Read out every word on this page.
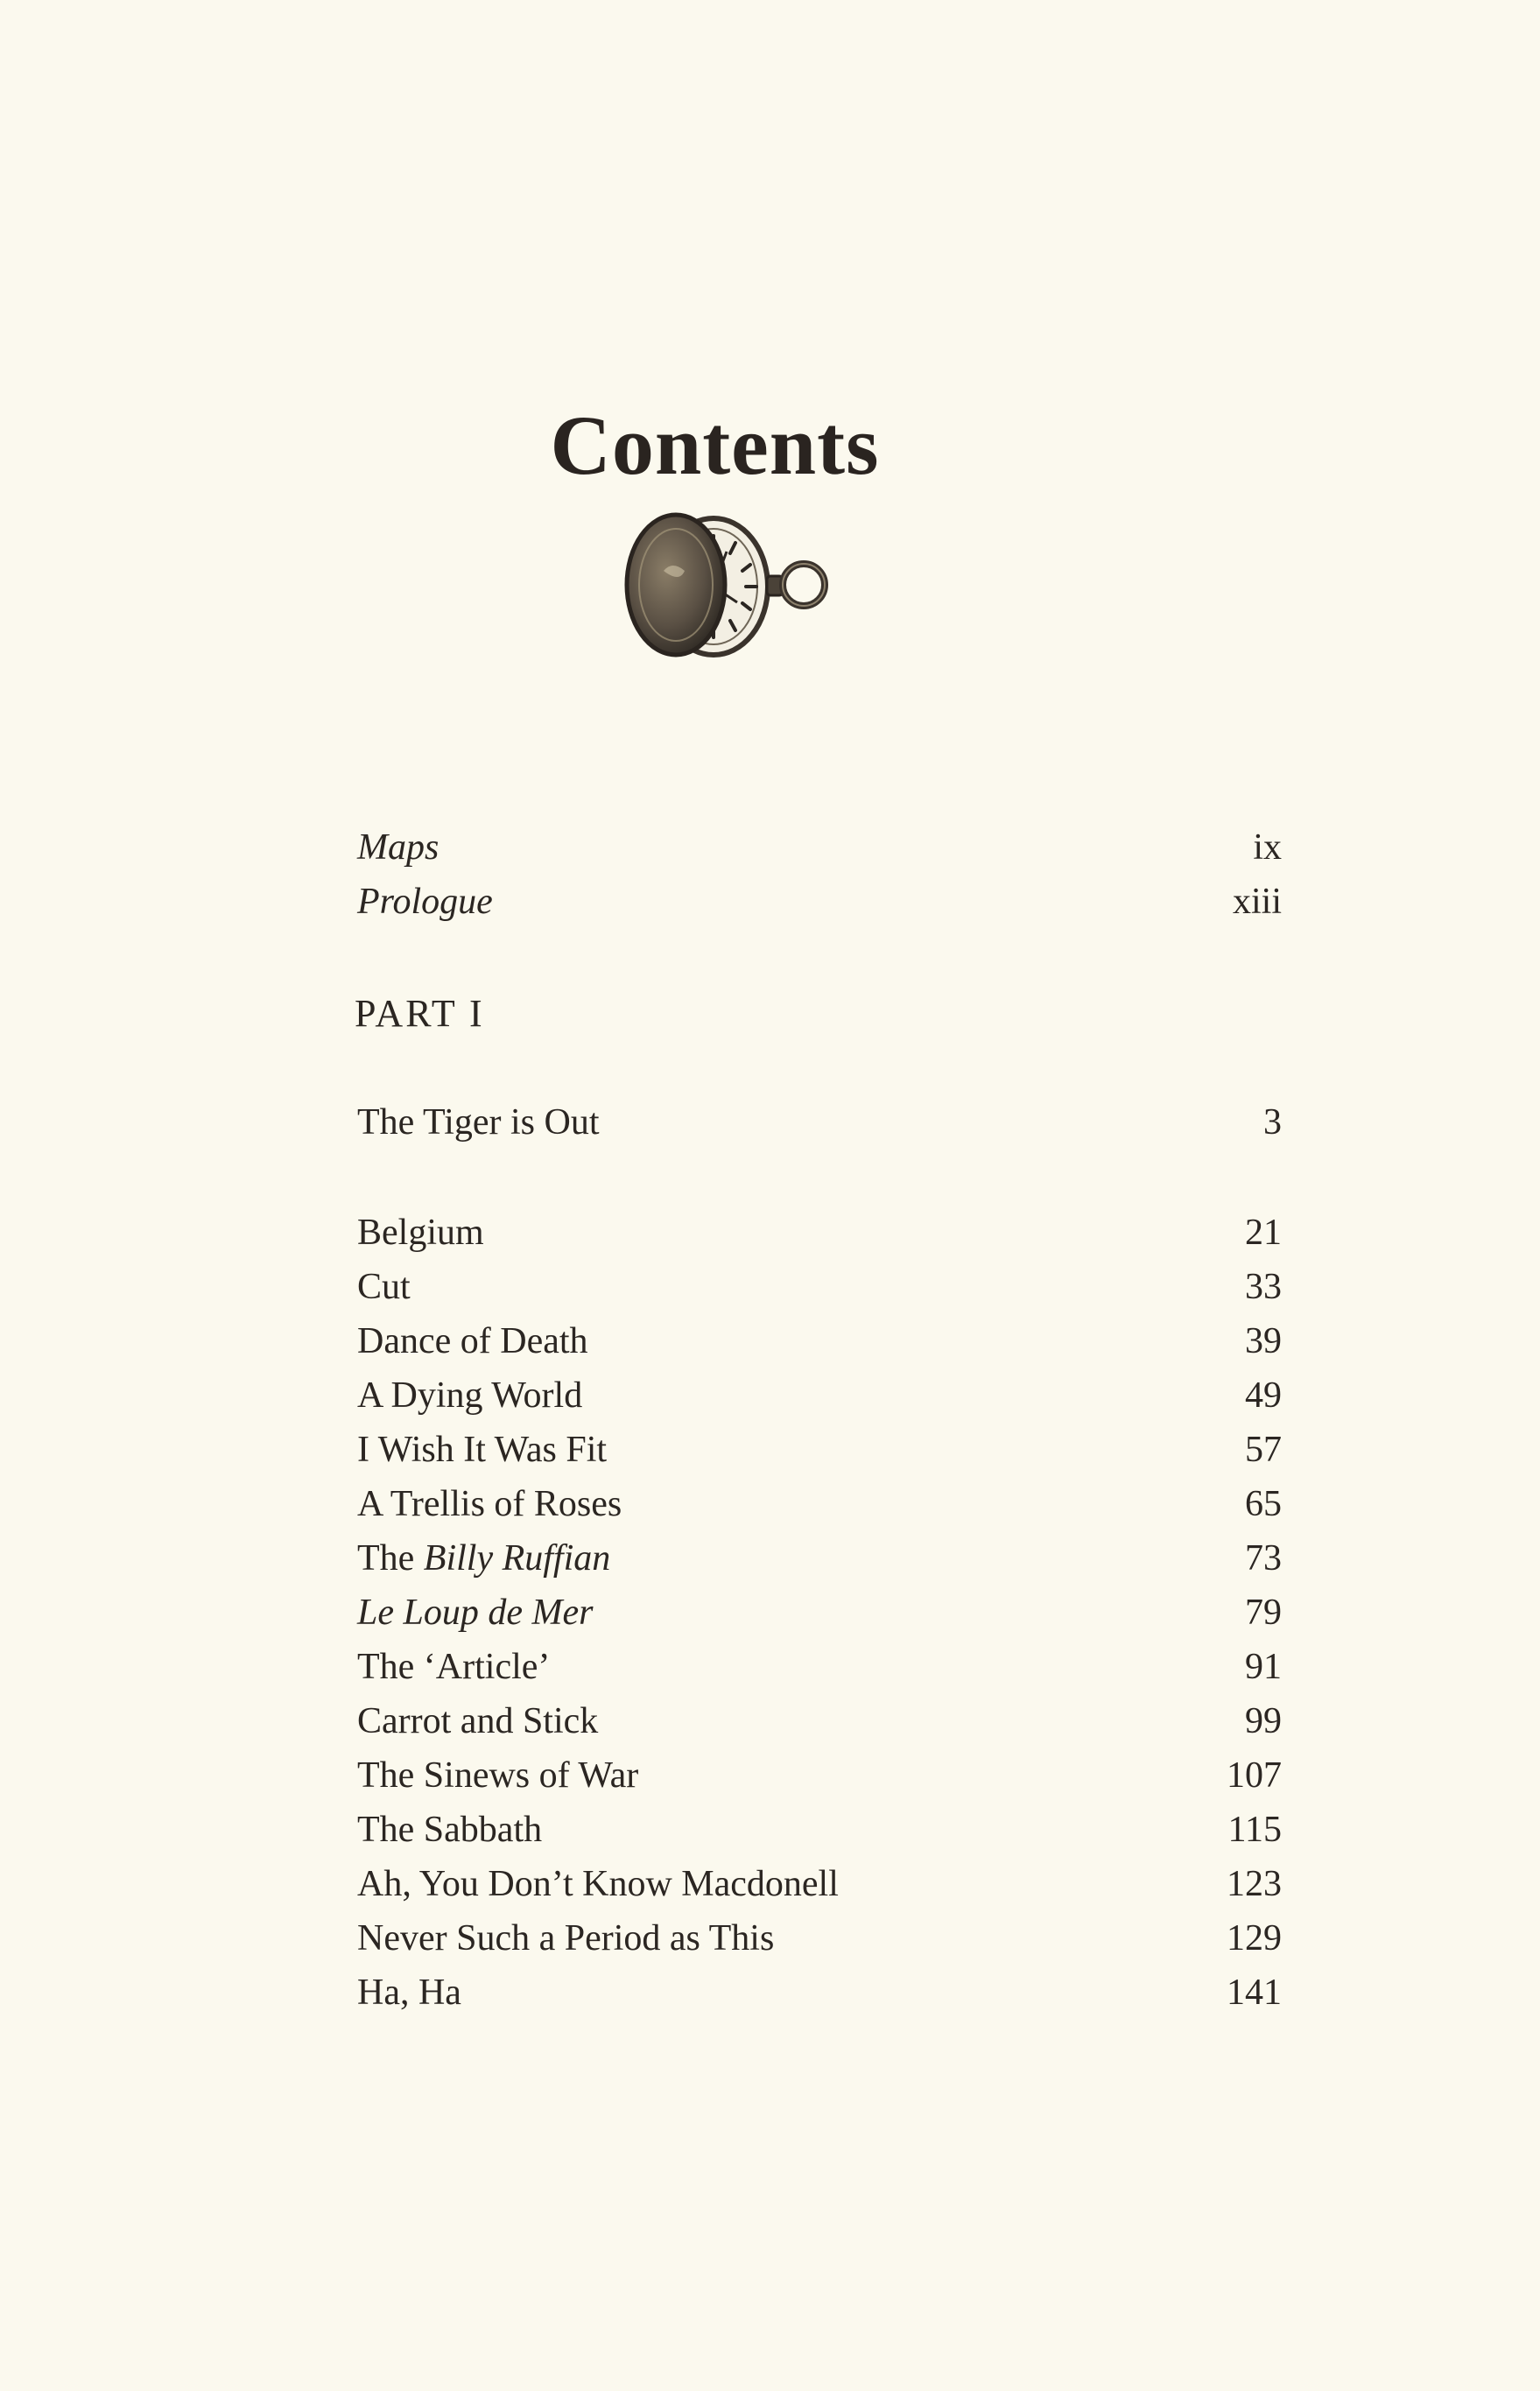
Contents
Maps	ix
Prologue	xiii
PART I
The Tiger is Out	3
Belgium	21
Cut	33
Dance of Death	39
A Dying World	49
I Wish It Was Fit	57
A Trellis of Roses	65
The Billy Ruffian	73
Le Loup de Mer	79
The ‘Article’	91
Carrot and Stick	99
The Sinews of War	107
The Sabbath	115
Ah, You Don’t Know Macdonell	123
Never Such a Period as This	129
Ha, Ha	141
